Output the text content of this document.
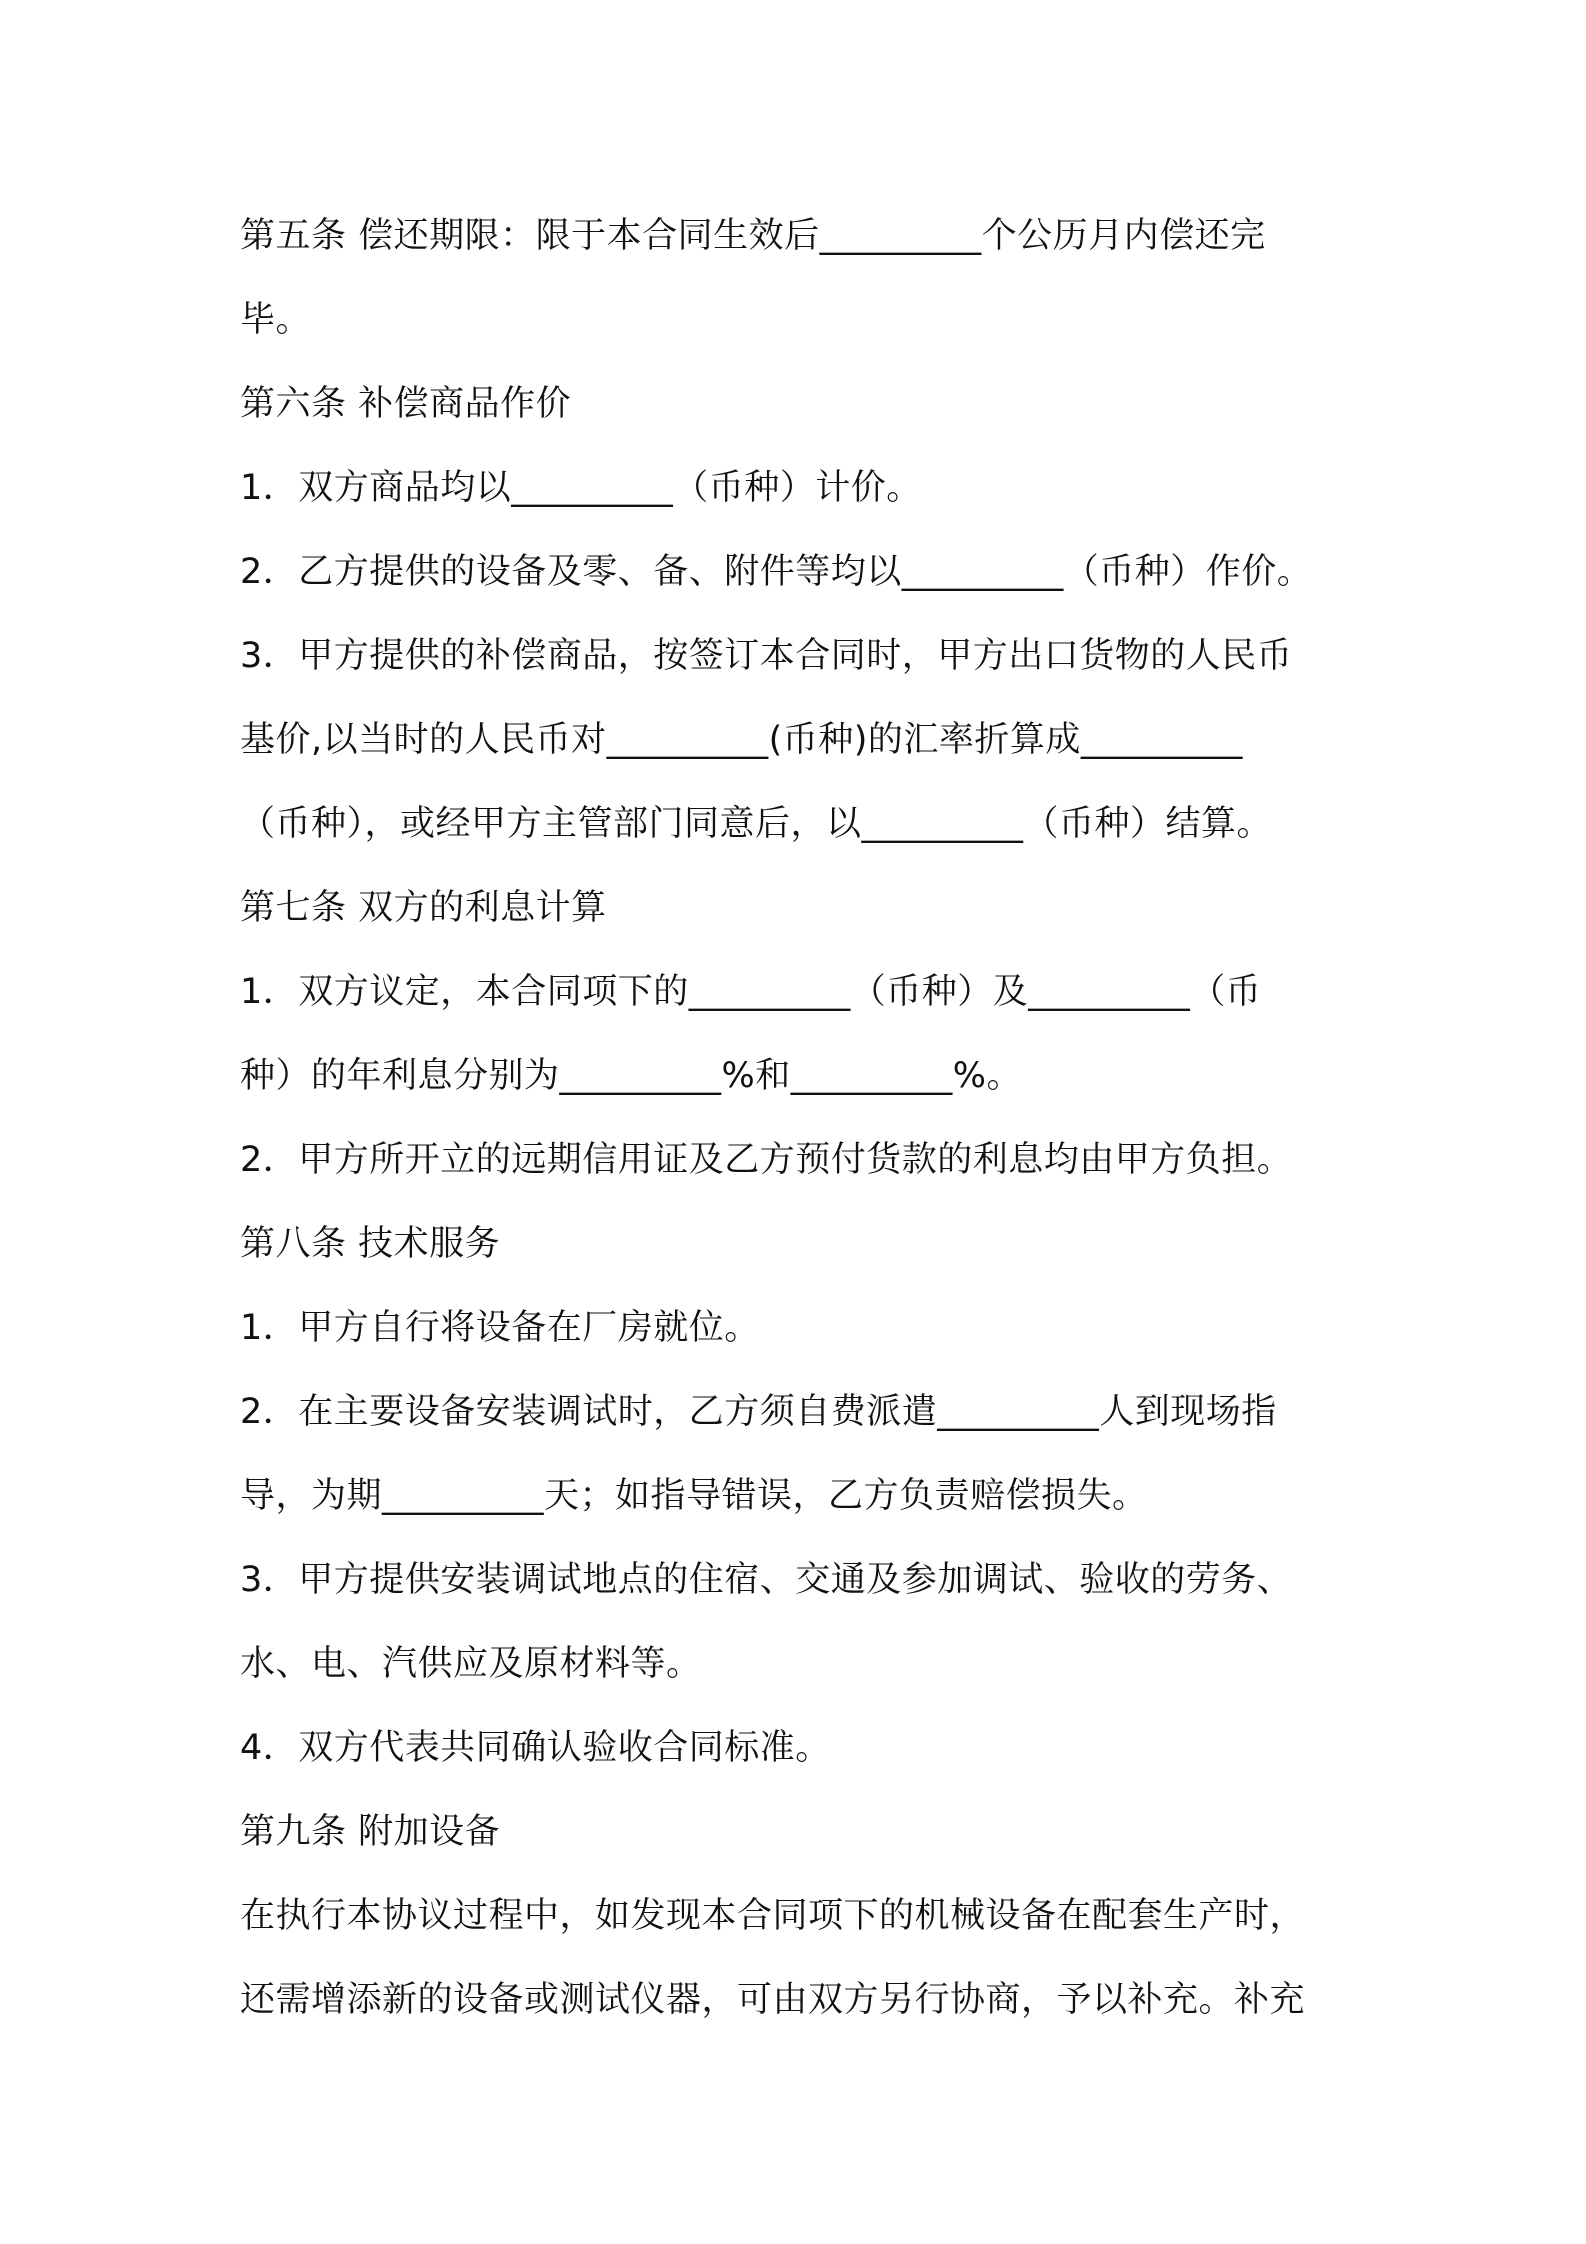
第五条 偿还期限：限于本合同生效后_________个公历月内偿还完
毕。
第六条 补偿商品作价
1．双方商品均以_________（币种）计价。
2．乙方提供的设备及零、备、附件等均以_________（币种）作价。
3．甲方提供的补偿商品，按签订本合同时，甲方出口货物的人民币
基价,以当时的人民币对_________(币种)的汇率折算成_________
（币种），或经甲方主管部门同意后，以_________（币种）结算。
第七条 双方的利息计算
1．双方议定，本合同项下的_________（币种）及_________（币
种）的年利息分别为_________%和_________%。
2．甲方所开立的远期信用证及乙方预付货款的利息均由甲方负担。
第八条 技术服务
1．甲方自行将设备在厂房就位。
2．在主要设备安装调试时，乙方须自费派遣_________人到现场指
导，为期_________天；如指导错误，乙方负责赔偿损失。
3．甲方提供安装调试地点的住宿、交通及参加调试、验收的劳务、
水、电、汽供应及原材料等。
4．双方代表共同确认验收合同标准。
第九条 附加设备
在执行本协议过程中，如发现本合同项下的机械设备在配套生产时，
还需增添新的设备或测试仪器，可由双方另行协商，予以补充。补充
